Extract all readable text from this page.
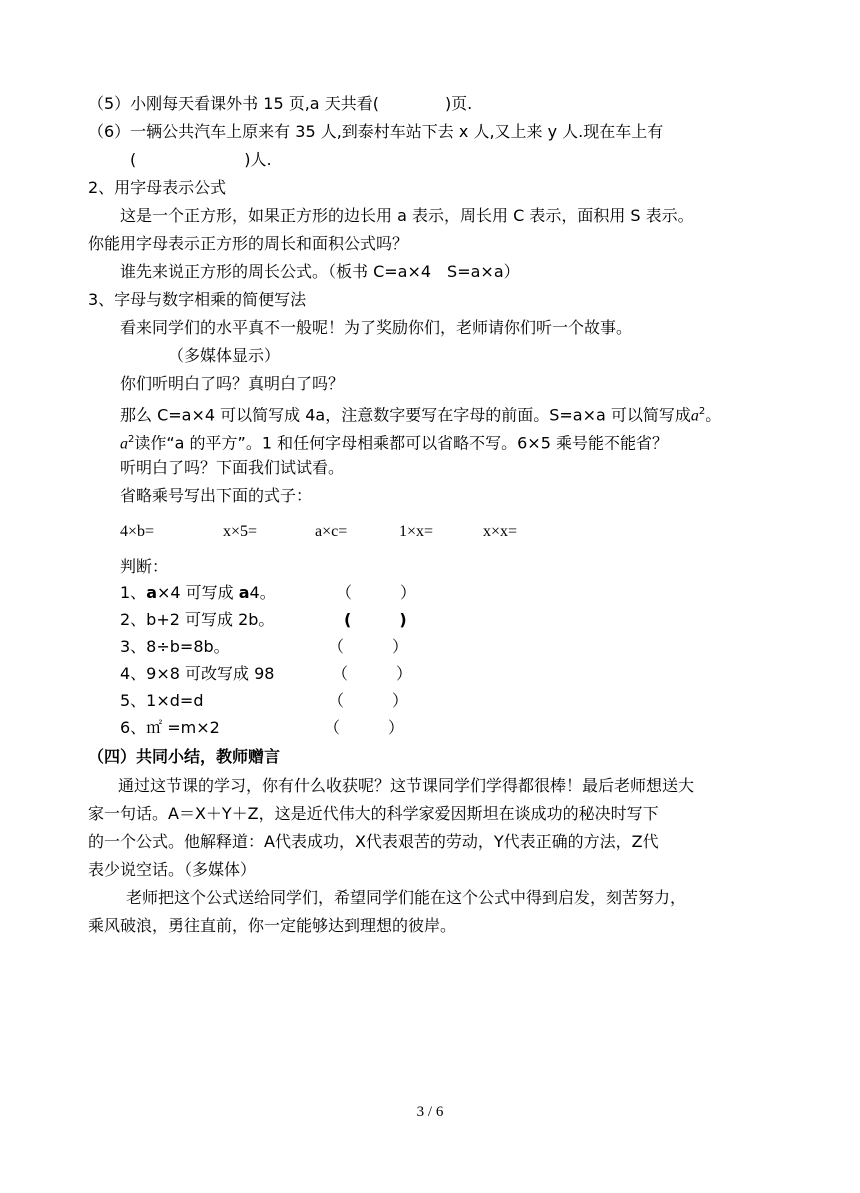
（5）小刚每天看课外书 15 页,a 天共看(	)页.
（6）一辆公共汽车上原来有 35 人,到泰村车站下去 x 人,又上来 y 人.现在车上有
(	)人.
2、用字母表示公式
这是一个正方形，如果正方形的边长用 a 表示，周长用 C 表示，面积用 S 表示。
你能用字母表示正方形的周长和面积公式吗？
谁先来说正方形的周长公式。（板书 C=a×4　S=a×a）
3、字母与数字相乘的简便写法
看来同学们的水平真不一般呢！为了奖励你们，老师请你们听一个故事。
（多媒体显示）
你们听明白了吗？真明白了吗？
那么 C=a×4 可以简写成 4a，注意数字要写在字母的前面。S=a×a 可以简写成$a^2$。
$a^2$读作“a 的平方”。1 和任何字母相乘都可以省略不写。6×5 乘号能不能省？
听明白了吗？下面我们试试看。
省略乘号写出下面的式子：
4×b=	x×5=	a×c=	1×x=	x×x=
判断：
1、a×4 可写成 a4。	（　　　）
2、b+2 可写成 2b。	(　　　)
3、8÷b=8b。	（　　　）
4、9×8 可改写成 98	（　　　）
5、1×d=d	（　　　）
6、㎡ =m×2	（　　　）
（四）共同小结，教师赠言
通过这节课的学习，你有什么收获呢？这节课同学们学得都很棒！最后老师想送大
家一句话。A＝X＋Y＋Z，这是近代伟大的科学家爱因斯坦在谈成功的秘决时写下
的一个公式。他解释道：A代表成功，X代表艰苦的劳动，Y代表正确的方法，Z代
表少说空话。（多媒体）
老师把这个公式送给同学们，希望同学们能在这个公式中得到启发，刻苦努力，
乘风破浪，勇往直前，你一定能够达到理想的彼岸。
3 / 6
